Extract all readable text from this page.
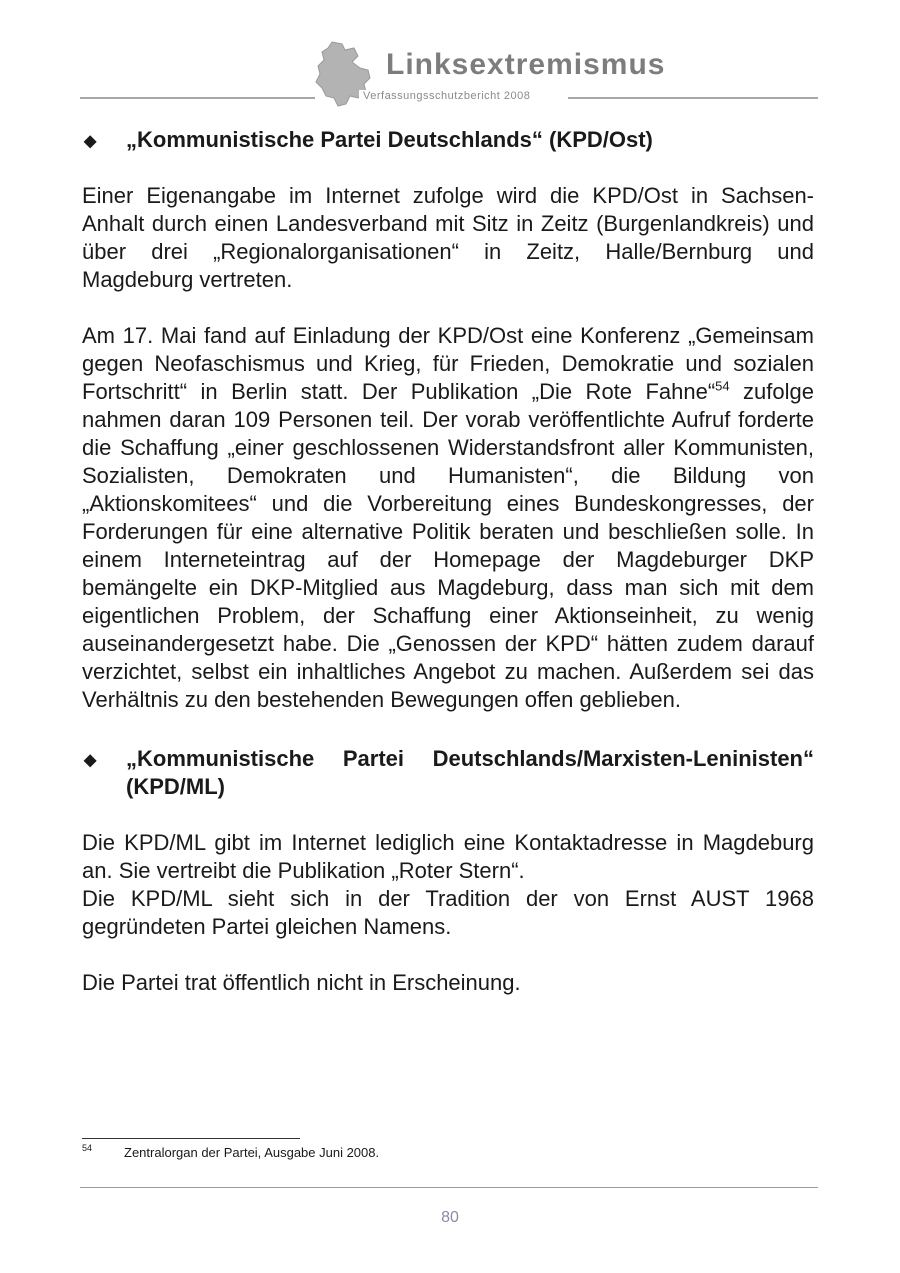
Linksextremismus
Verfassungsschutzbericht 2008
◆ „Kommunistische Partei Deutschlands“ (KPD/Ost)

Einer Eigenangabe im Internet zufolge wird die KPD/Ost in Sachsen-Anhalt durch einen Landesverband mit Sitz in Zeitz (Burgenlandkreis) und über drei „Regionalorganisationen“ in Zeitz, Halle/Bernburg und Magdeburg vertreten.

Am 17. Mai fand auf Einladung der KPD/Ost eine Konferenz „Gemeinsam gegen Neofaschismus und Krieg, für Frieden, Demokratie und sozialen Fortschritt“ in Berlin statt. Der Publikation „Die Rote Fahne“$^{54}$ zufolge nahmen daran 109 Personen teil. Der vorab veröffentlichte Aufruf forderte die Schaffung „einer geschlossenen Widerstandsfront aller Kommunisten, Sozialisten, Demokraten und Humanisten“, die Bildung von „Aktionskomitees“ und die Vorbereitung eines Bundeskongresses, der Forderungen für eine alternative Politik beraten und beschließen solle. In einem Interneteintrag auf der Homepage der Magdeburger DKP bemängelte ein DKP-Mitglied aus Magdeburg, dass man sich mit dem eigentlichen Problem, der Schaffung einer Aktionseinheit, zu wenig auseinandergesetzt habe. Die „Genossen der KPD“ hätten zudem darauf verzichtet, selbst ein inhaltliches Angebot zu machen. Außerdem sei das Verhältnis zu den bestehenden Bewegungen offen geblieben.

◆ „Kommunistische Partei Deutschlands/Marxisten-Leninisten“ (KPD/ML)

Die KPD/ML gibt im Internet lediglich eine Kontaktadresse in Magdeburg an. Sie vertreibt die Publikation „Roter Stern“.

Die KPD/ML sieht sich in der Tradition der von Ernst AUST 1968 gegründeten Partei gleichen Namens.

Die Partei trat öffentlich nicht in Erscheinung.

54 Zentralorgan der Partei, Ausgabe Juni 2008.
80
